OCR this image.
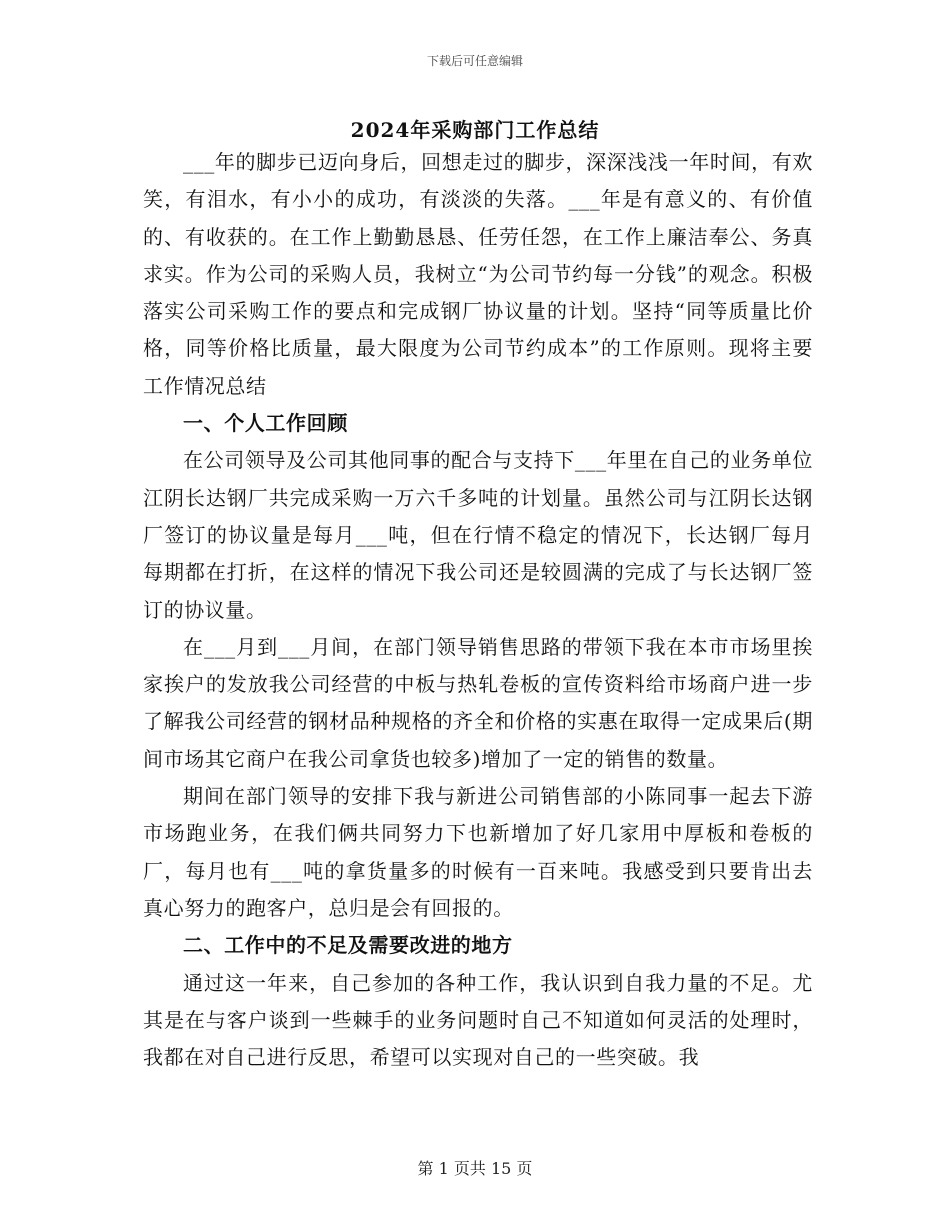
下载后可任意编辑
2024年采购部门工作总结

___年的脚步已迈向身后，回想走过的脚步，深深浅浅一年时间，有欢笑，有泪水，有小小的成功，有淡淡的失落。___年是有意义的、有价值的、有收获的。在工作上勤勤恳恳、任劳任怨，在工作上廉洁奉公、务真求实。作为公司的采购人员，我树立“为公司节约每一分钱”的观念。积极落实公司采购工作的要点和完成钢厂协议量的计划。坚持“同等质量比价格，同等价格比质量，最大限度为公司节约成本”的工作原则。现将主要工作情况总结

一、个人工作回顾

在公司领导及公司其他同事的配合与支持下___年里在自己的业务单位江阴长达钢厂共完成采购一万六千多吨的计划量。虽然公司与江阴长达钢厂签订的协议量是每月___吨，但在行情不稳定的情况下，长达钢厂每月每期都在打折，在这样的情况下我公司还是较圆满的完成了与长达钢厂签订的协议量。

在___月到___月间，在部门领导销售思路的带领下我在本市市场里挨家挨户的发放我公司经营的中板与热轧卷板的宣传资料给市场商户进一步了解我公司经营的钢材品种规格的齐全和价格的实惠在取得一定成果后(期间市场其它商户在我公司拿货也较多)增加了一定的销售的数量。

期间在部门领导的安排下我与新进公司销售部的小陈同事一起去下游市场跑业务，在我们俩共同努力下也新增加了好几家用中厚板和卷板的厂，每月也有___吨的拿货量多的时候有一百来吨。我感受到只要肯出去真心努力的跑客户，总归是会有回报的。

二、工作中的不足及需要改进的地方

通过这一年来，自己参加的各种工作，我认识到自我力量的不足。尤其是在与客户谈到一些棘手的业务问题时自己不知道如何灵活的处理时，我都在对自己进行反思，希望可以实现对自己的一些突破。我

第 1 页共 15 页
